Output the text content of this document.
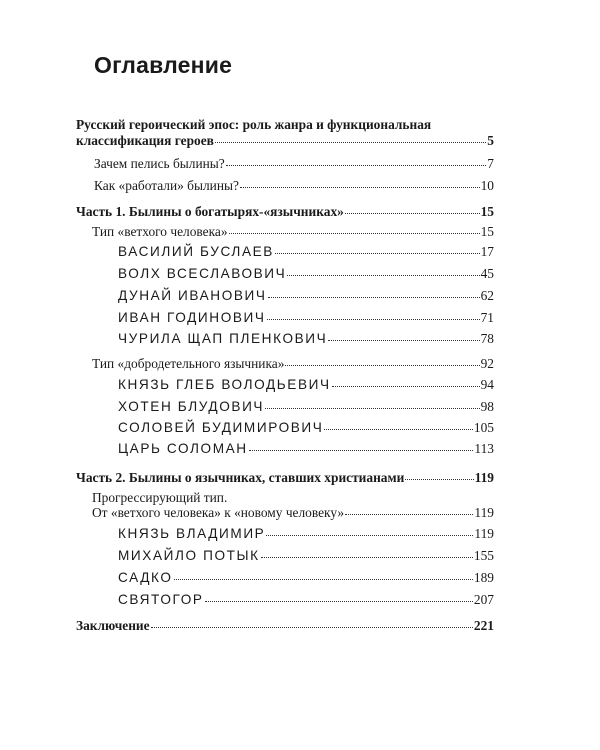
Оглавление
Русский героический эпос: роль жанра и функциональная
классификация героев	5
Зачем пелись былины?	7
Как «работали» былины?	10
Часть 1. Былины о богатырях-«язычниках»	15
Тип «ветхого человека»	15
ВАСИЛИЙ БУСЛАЕВ	17
ВОЛХ ВСЕСЛАВОВИЧ	45
ДУНАЙ ИВАНОВИЧ	62
ИВАН ГОДИНОВИЧ	71
ЧУРИЛА ЩАП ПЛЕНКОВИЧ	78
Тип «добродетельного язычника»	92
КНЯЗЬ ГЛЕБ ВОЛОДЬЕВИЧ	94
ХОТЕН БЛУДОВИЧ	98
СОЛОВЕЙ БУДИМИРОВИЧ	105
ЦАРЬ СОЛОМАН	113
Часть 2. Былины о язычниках, ставших христианами	119
Прогрессирующий тип.
От «ветхого человека» к «новому человеку»	119
КНЯЗЬ ВЛАДИМИР	119
МИХАЙЛО ПОТЫК	155
САДКО	189
СВЯТОГОР	207
Заключение	221
